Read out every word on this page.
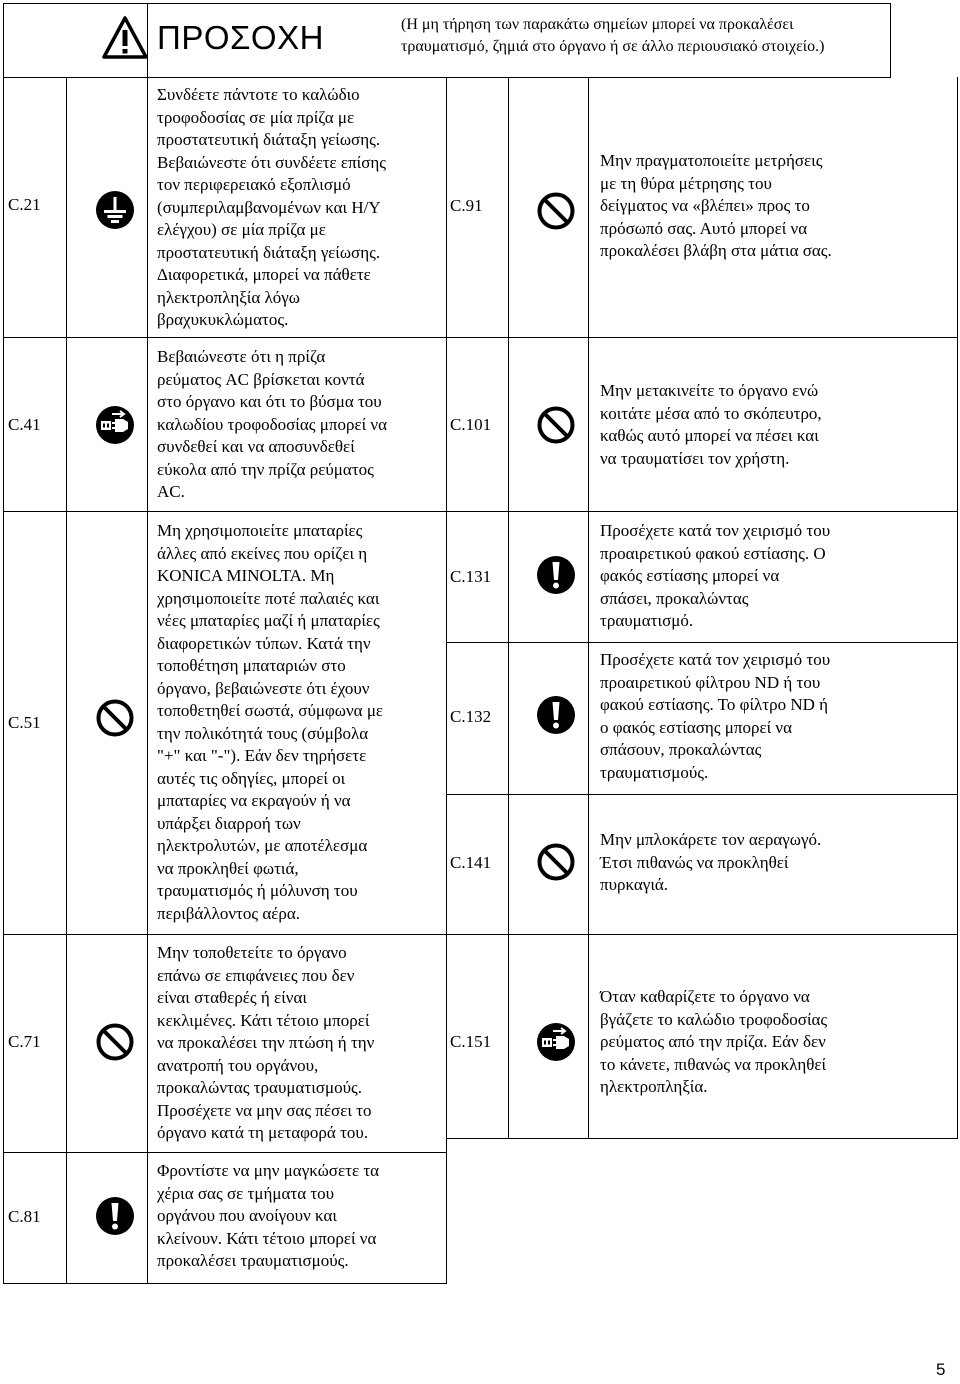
ΠΡΟΣΟΧΗ	(Η μη τήρηση των παρακάτω σημείων μπορεί να προκαλέσει
τραυματισμό, ζημιά στο όργανο ή σε άλλο περιουσιακό στοιχείο.)
C.21
Συνδέετε πάντοτε το καλώδιο
τροφοδοσίας σε μία πρίζα με
προστατευτική διάταξη γείωσης.
Βεβαιώνεστε ότι συνδέετε επίσης
τον περιφερειακό εξοπλισμό
(συμπεριλαμβανομένων και Η/Υ
ελέγχου) σε μία πρίζα με
προστατευτική διάταξη γείωσης.
Διαφορετικά, μπορεί να πάθετε
ηλεκτροπληξία λόγω
βραχυκυκλώματος.
C.41
Βεβαιώνεστε ότι η πρίζα
ρεύματος AC βρίσκεται κοντά
στο όργανο και ότι το βύσμα του
καλωδίου τροφοδοσίας μπορεί να
συνδεθεί και να αποσυνδεθεί
εύκολα από την πρίζα ρεύματος
AC.
C.51
Μη χρησιμοποιείτε μπαταρίες
άλλες από εκείνες που ορίζει η
KONICA MINOLTA. Μη
χρησιμοποιείτε ποτέ παλαιές και
νέες μπαταρίες μαζί ή μπαταρίες
διαφορετικών τύπων. Κατά την
τοποθέτηση μπαταριών στο
όργανο, βεβαιώνεστε ότι έχουν
τοποθετηθεί σωστά, σύμφωνα με
την πολικότητά τους (σύμβολα
"+" και "-"). Εάν δεν τηρήσετε
αυτές τις οδηγίες, μπορεί οι
μπαταρίες να εκραγούν ή να
υπάρξει διαρροή των
ηλεκτρολυτών, με αποτέλεσμα
να προκληθεί φωτιά,
τραυματισμός ή μόλυνση του
περιβάλλοντος αέρα.
C.71
Μην τοποθετείτε το όργανο
επάνω σε επιφάνειες που δεν
είναι σταθερές ή είναι
κεκλιμένες. Κάτι τέτοιο μπορεί
να προκαλέσει την πτώση ή την
ανατροπή του οργάνου,
προκαλώντας τραυματισμούς.
Προσέχετε να μην σας πέσει το
όργανο κατά τη μεταφορά του.
C.81
Φροντίστε να μην μαγκώσετε τα
χέρια σας σε τμήματα του
οργάνου που ανοίγουν και
κλείνουν. Κάτι τέτοιο μπορεί να
προκαλέσει τραυματισμούς.
C.91
Μην πραγματοποιείτε μετρήσεις
με τη θύρα μέτρησης του
δείγματος να «βλέπει» προς το
πρόσωπό σας. Αυτό μπορεί να
προκαλέσει βλάβη στα μάτια σας.
C.101
Μην μετακινείτε το όργανο ενώ
κοιτάτε μέσα από το σκόπευτρο,
καθώς αυτό μπορεί να πέσει και
να τραυματίσει τον χρήστη.
C.131
Προσέχετε κατά τον χειρισμό του
προαιρετικού φακού εστίασης. Ο
φακός εστίασης μπορεί να
σπάσει, προκαλώντας
τραυματισμό.
C.132
Προσέχετε κατά τον χειρισμό του
προαιρετικού φίλτρου ND ή του
φακού εστίασης. Το φίλτρο ND ή
ο φακός εστίασης μπορεί να
σπάσουν, προκαλώντας
τραυματισμούς.
C.141
Μην μπλοκάρετε τον αεραγωγό.
Έτσι πιθανώς να προκληθεί
πυρκαγιά.
C.151
Όταν καθαρίζετε το όργανο να
βγάζετε το καλώδιο τροφοδοσίας
ρεύματος από την πρίζα. Εάν δεν
το κάνετε, πιθανώς να προκληθεί
ηλεκτροπληξία.
5
